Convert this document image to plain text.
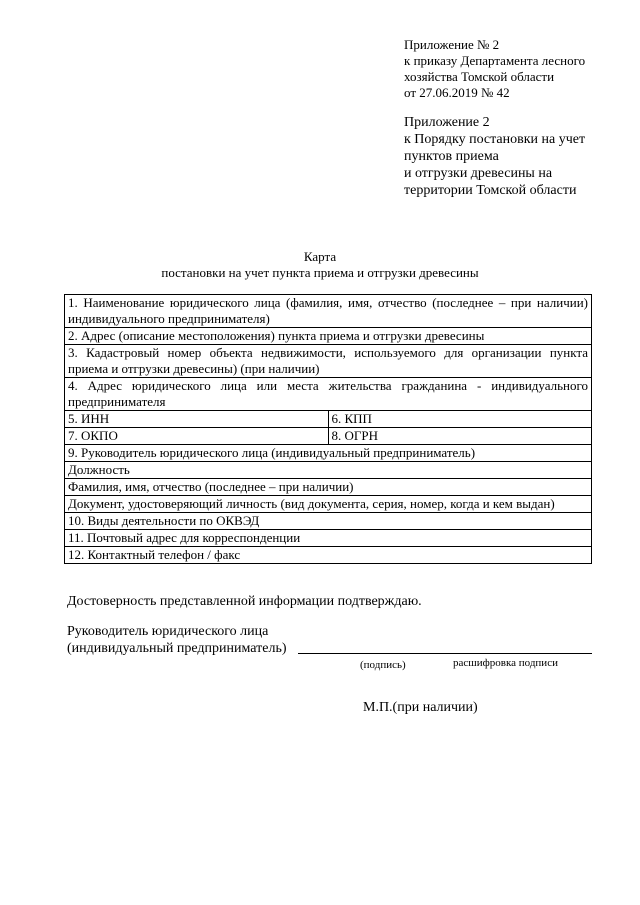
Приложение № 2
к приказу Департамента лесного
хозяйства Томской области
от 27.06.2019 № 42
Приложение 2
к Порядку постановки на учет
пунктов приема
и отгрузки древесины на
территории Томской области
Карта
постановки на учет пункта приема и отгрузки древесины
1. Наименование юридического лица (фамилия, имя, отчество (последнее – при наличии) индивидуального предпринимателя)	
2. Адрес (описание местоположения) пункта приема и отгрузки древесины	
3. Кадастровый номер объекта недвижимости, используемого для организации пункта приема и отгрузки древесины) (при наличии)	
4. Адрес юридического лица или места жительства гражданина - индивидуального предпринимателя	
5. ИНН	6. КПП
7. ОКПО	8. ОГРН
9. Руководитель юридического лица (индивидуальный предприниматель)	
Должность	
Фамилия, имя, отчество (последнее – при наличии)	
Документ, удостоверяющий личность (вид документа, серия, номер, когда и кем выдан)	
10. Виды деятельности по ОКВЭД	
11. Почтовый адрес для корреспонденции	
12. Контактный телефон / факс	
Достоверность представленной информации подтверждаю.
Руководитель юридического лица
(индивидуальный предприниматель)
(подпись)	расшифровка подписи
М.П.(при наличии)
